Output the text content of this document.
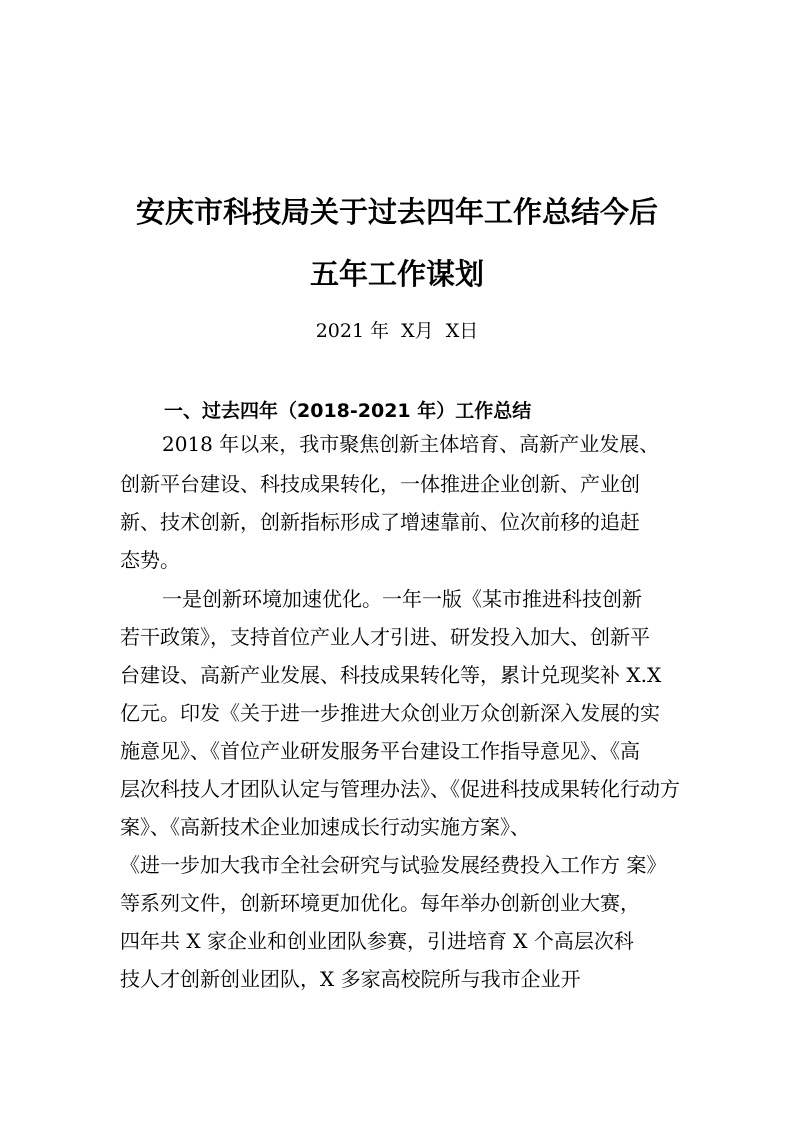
安庆市科技局关于过去四年工作总结今后
五年工作谋划
2021 年  X月  X日
一、过去四年（2018-2021 年）工作总结
2018 年以来，我市聚焦创新主体培育、高新产业发展、
创新平台建设、科技成果转化，一体推进企业创新、产业创
新、技术创新，创新指标形成了增速靠前、位次前移的追赶
态势。
一是创新环境加速优化。一年一版《某市推进科技创新
若干政策》，支持首位产业人才引进、研发投入加大、创新平
台建设、高新产业发展、科技成果转化等，累计兑现奖补 X.X
亿元。印发《关于进一步推进大众创业万众创新深入发展的实
施意见》、《首位产业研发服务平台建设工作指导意见》、《高
层次科技人才团队认定与管理办法》、《促进科技成果转化行动方
案》、《高新技术企业加速成长行动实施方案》、
《进一步加大我市全社会研究与试验发展经费投入工作方 案》
等系列文件，创新环境更加优化。每年举办创新创业大赛，
四年共 X 家企业和创业团队参赛，引进培育 X 个高层次科
技人才创新创业团队，X 多家高校院所与我市企业开
